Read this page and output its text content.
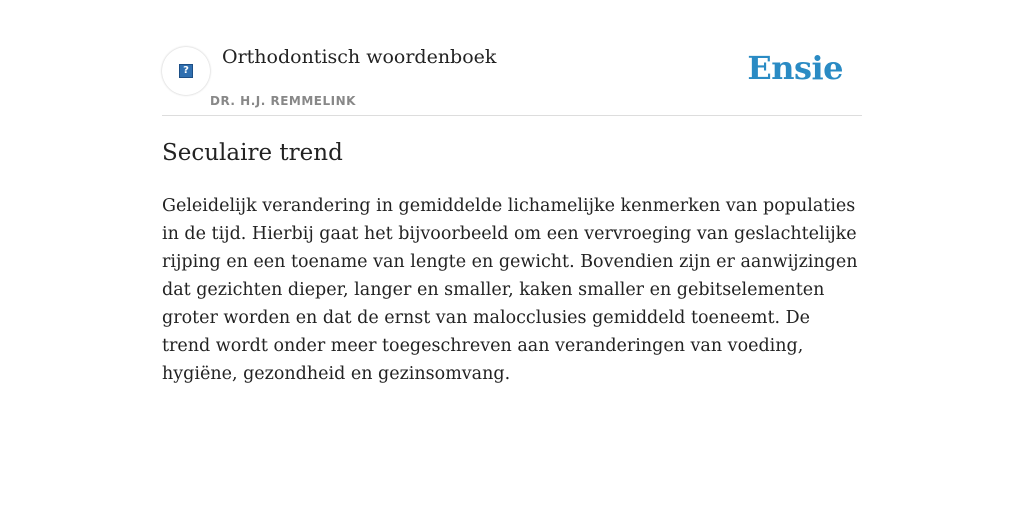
?
Orthodontisch woordenboek
DR. H.J. REMMELINK
Ensie
Seculaire trend

Geleidelijk verandering in gemiddelde lichamelijke kenmerken van populaties in de tijd. Hierbij gaat het bijvoorbeeld om een vervroeging van geslachtelijke rijping en een toename van lengte en gewicht. Bovendien zijn er aanwijzingen dat gezichten dieper, langer en smaller, kaken smaller en gebitselementen groter worden en dat de ernst van malocclusies gemiddeld toeneemt. De trend wordt onder meer toegeschreven aan veranderingen van voeding, hygiëne, gezondheid en gezinsomvang.
